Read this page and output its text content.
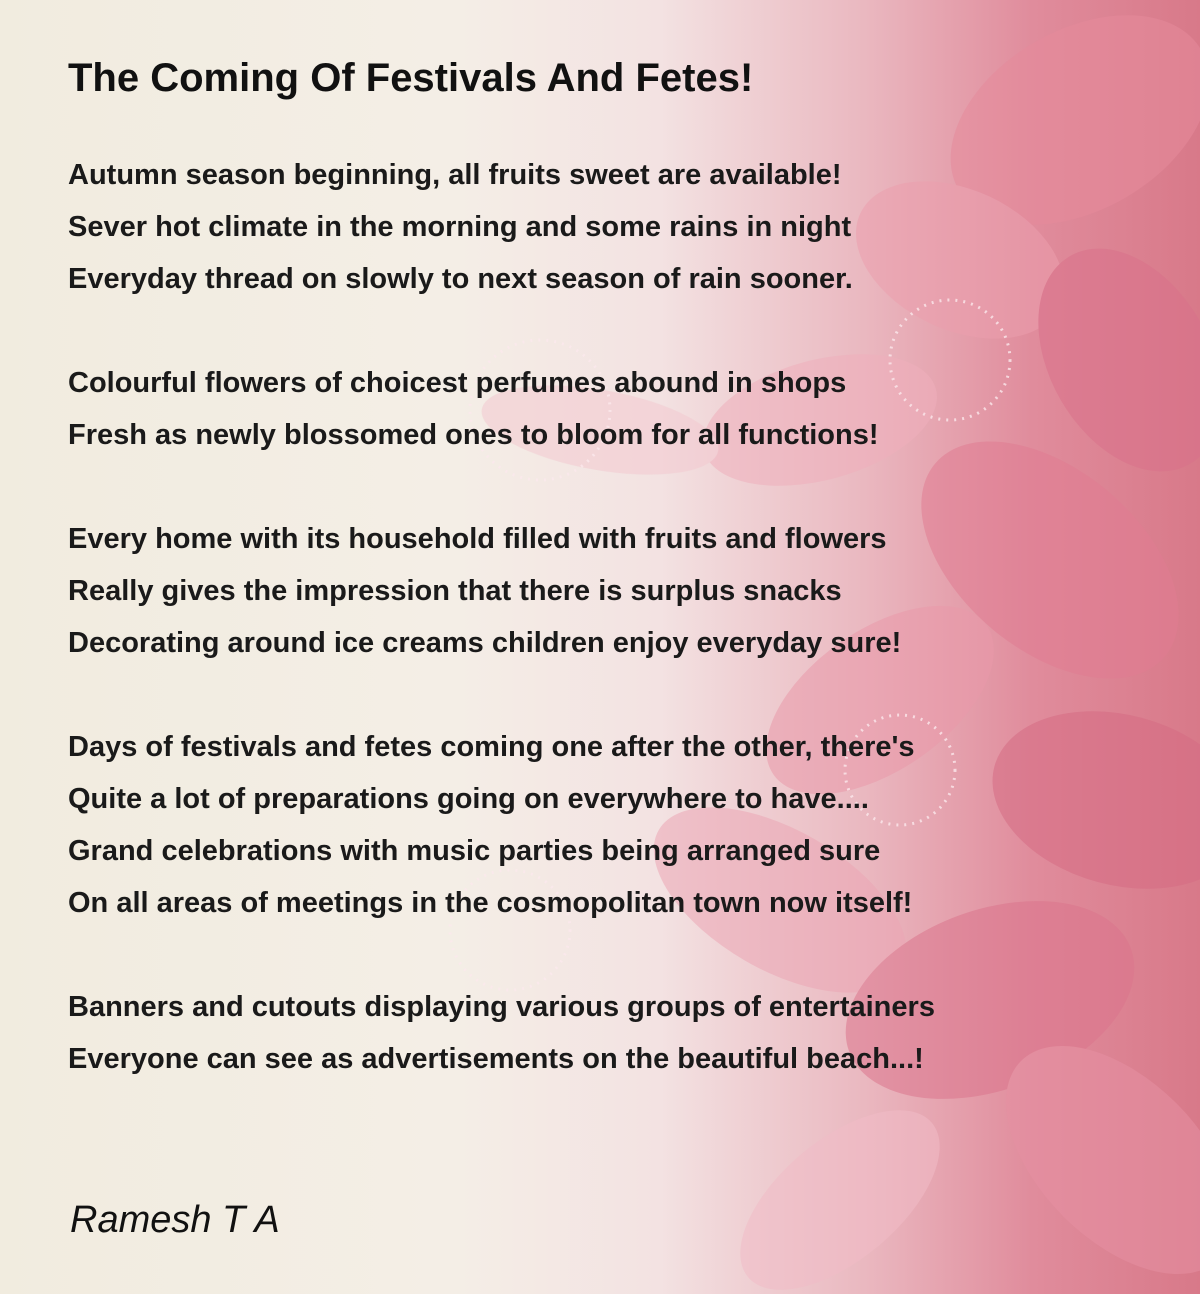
The Coming Of Festivals And Fetes!
Autumn season beginning, all fruits sweet are available!
Sever hot climate in the morning and some rains in night
Everyday thread on slowly to next season of rain sooner.
Colourful flowers of choicest perfumes abound in shops
Fresh as newly blossomed ones to bloom for all functions!
Every home with its household filled with fruits and flowers
Really gives the impression that there is surplus snacks
Decorating around ice creams children enjoy everyday sure!
Days of festivals and fetes coming one after the other, there's
Quite a lot of preparations going on everywhere to have....
Grand celebrations with music parties being arranged sure
On all areas of meetings in the cosmopolitan town now itself!
Banners and cutouts displaying various groups of entertainers
Everyone can see as advertisements on the beautiful beach...!

Ramesh T A
